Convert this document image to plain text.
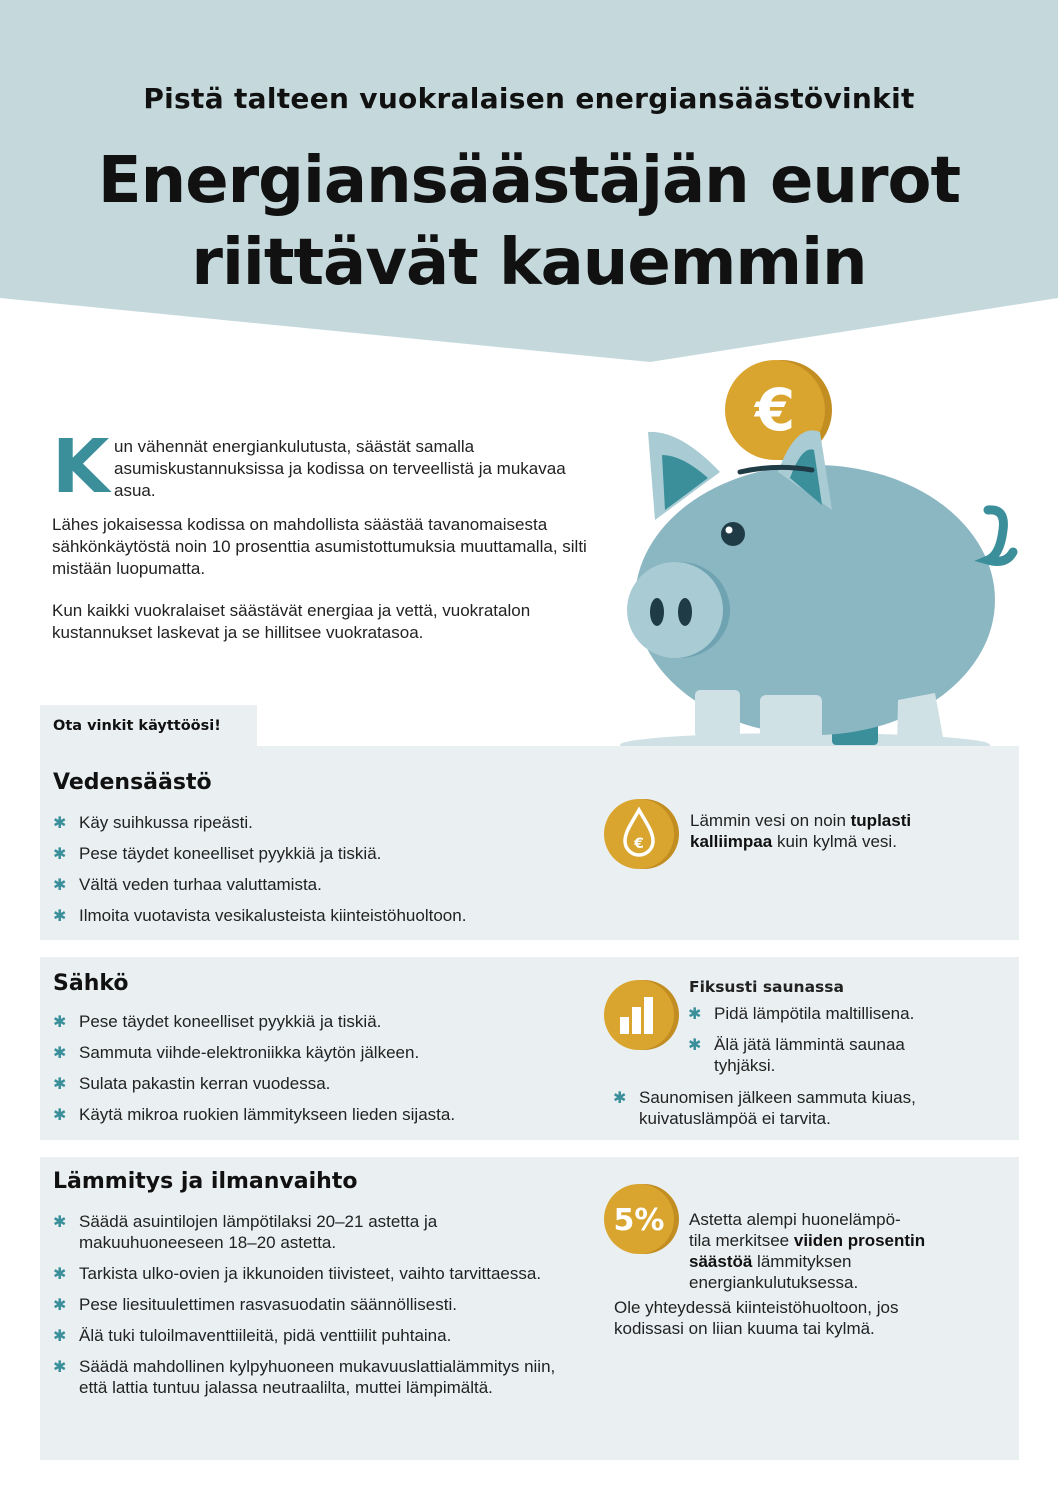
Pistä talteen vuokralaisen energiansäästövinkit
Energiansäästäjän eurot
riittävät kauemmin
K un vähennät energiankulutusta, säästät samalla asumiskustannuksissa ja kodissa on terveellistä ja mukavaa asua.

Lähes jokaisessa kodissa on mahdollista säästää tavanomaisesta sähkönkäytöstä noin 10 prosenttia asumistottumuksia muuttamalla, silti mistään luopumatta.

Kun kaikki vuokralaiset säästävät energiaa ja vettä, vuokratalon kustannukset laskevat ja se hillitsee vuokratasoa.

€
Ota vinkit käyttöösi!
Vedensäästö
✱ Käy suihkussa ripeästi.
✱ Pese täydet koneelliset pyykkiä ja tiskiä.
✱ Vältä veden turhaa valuttamista.
✱ Ilmoita vuotavista vesikalusteista kiinteistöhuoltoon.
€
Lämmin vesi on noin tuplasti kalliimpaa kuin kylmä vesi.
Sähkö
✱ Pese täydet koneelliset pyykkiä ja tiskiä.
✱ Sammuta viihde-elektroniikka käytön jälkeen.
✱ Sulata pakastin kerran vuodessa.
✱ Käytä mikroa ruokien lämmitykseen lieden sijasta.
Fiksusti saunassa
✱ Pidä lämpötila maltillisena.
✱ Älä jätä lämmintä saunaa tyhjäksi.
✱ Saunomisen jälkeen sammuta kiuas, kuivatuslämpöä ei tarvita.
Lämmitys ja ilmanvaihto
✱ Säädä asuintilojen lämpötilaksi 20–21 astetta ja makuuhuoneeseen 18–20 astetta.
✱ Tarkista ulko-ovien ja ikkunoiden tiivisteet, vaihto tarvittaessa.
✱ Pese liesituulettimen rasvasuodatin säännöllisesti.
✱ Älä tuki tuloilmaventtiileitä, pidä venttiilit puhtaina.
✱ Säädä mahdollinen kylpyhuoneen mukavuuslattialämmitys niin, että lattia tuntuu jalassa neutraalilta, muttei lämpimältä.
5%	Astetta alempi huonelämpö-
tila merkitsee viiden prosentin säästöä lämmityksen energiankulutuksessa.
Ole yhteydessä kiinteistöhuoltoon, jos kodissasi on liian kuuma tai kylmä.
